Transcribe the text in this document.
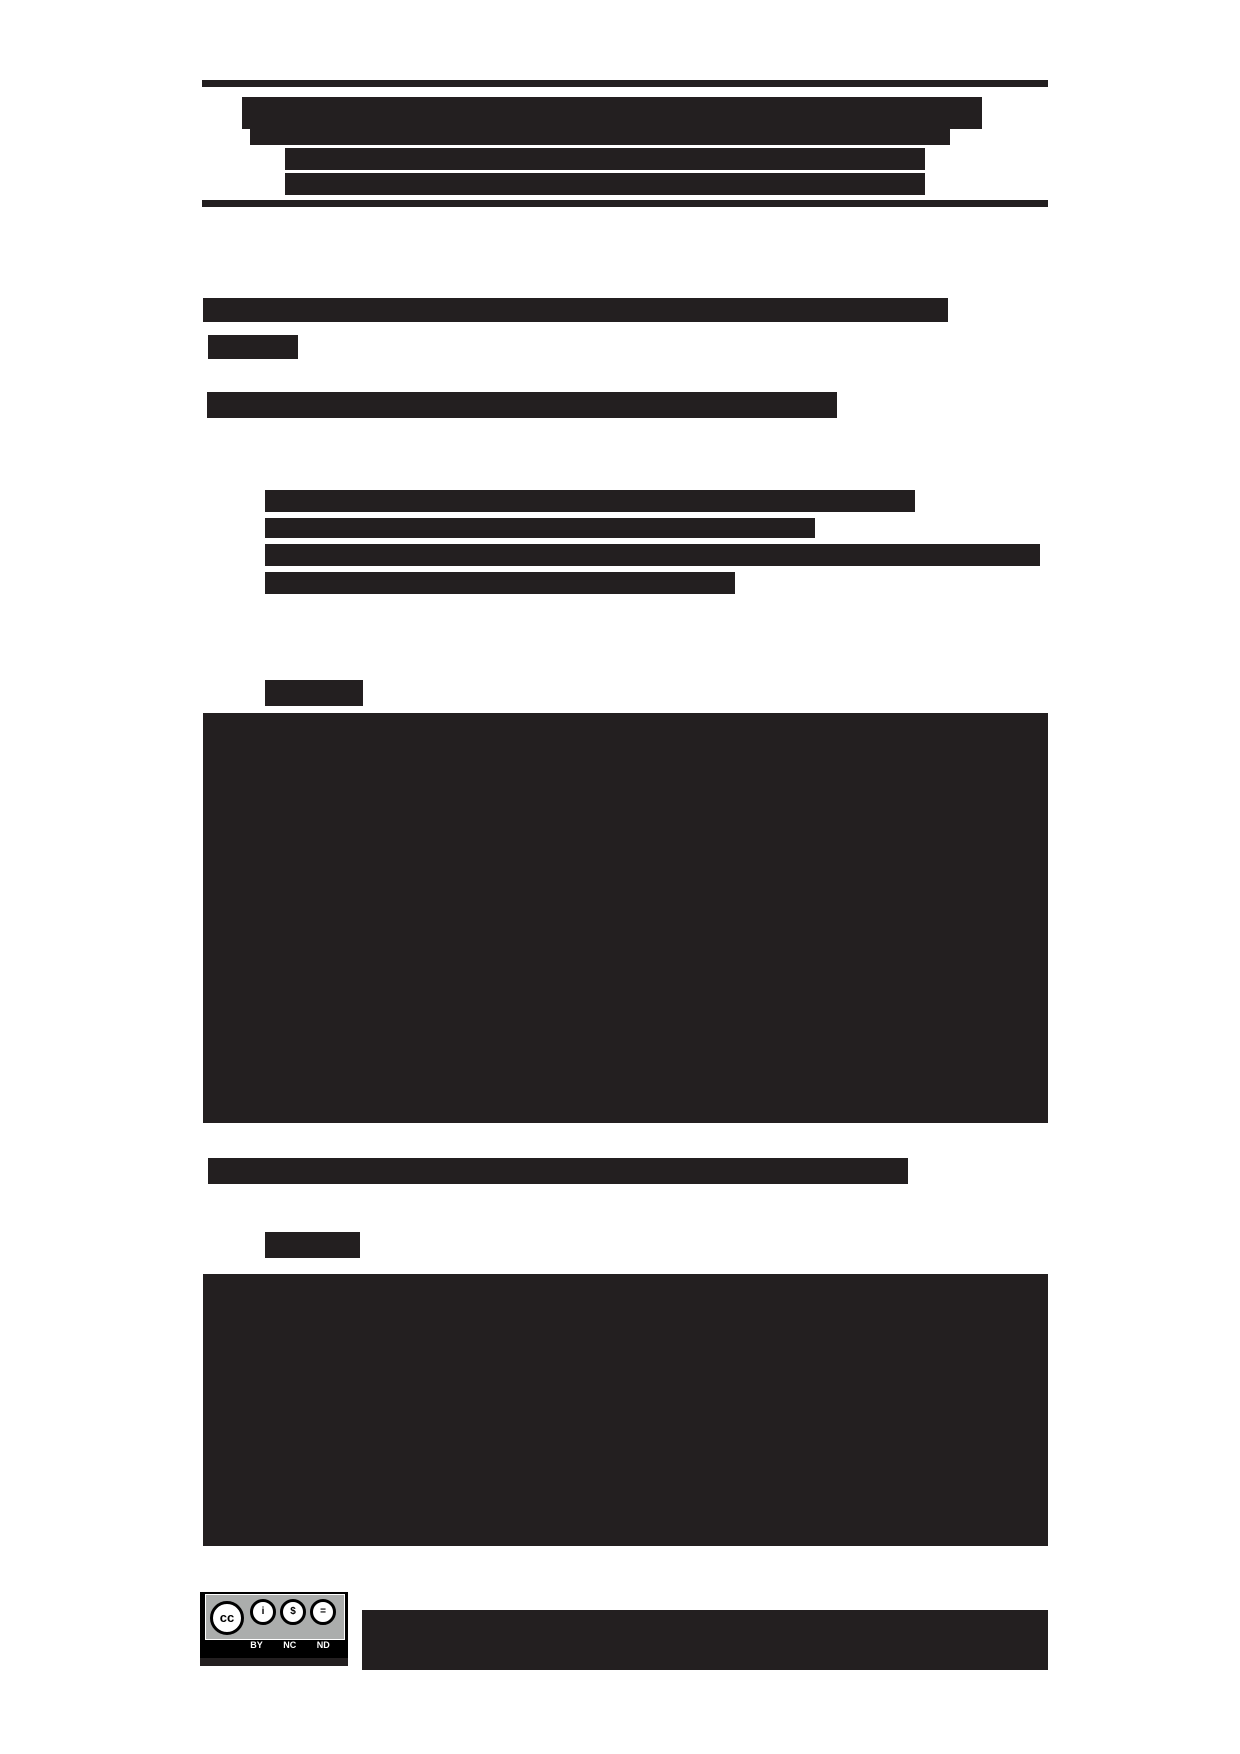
cc	i	$	=
BY NC ND
